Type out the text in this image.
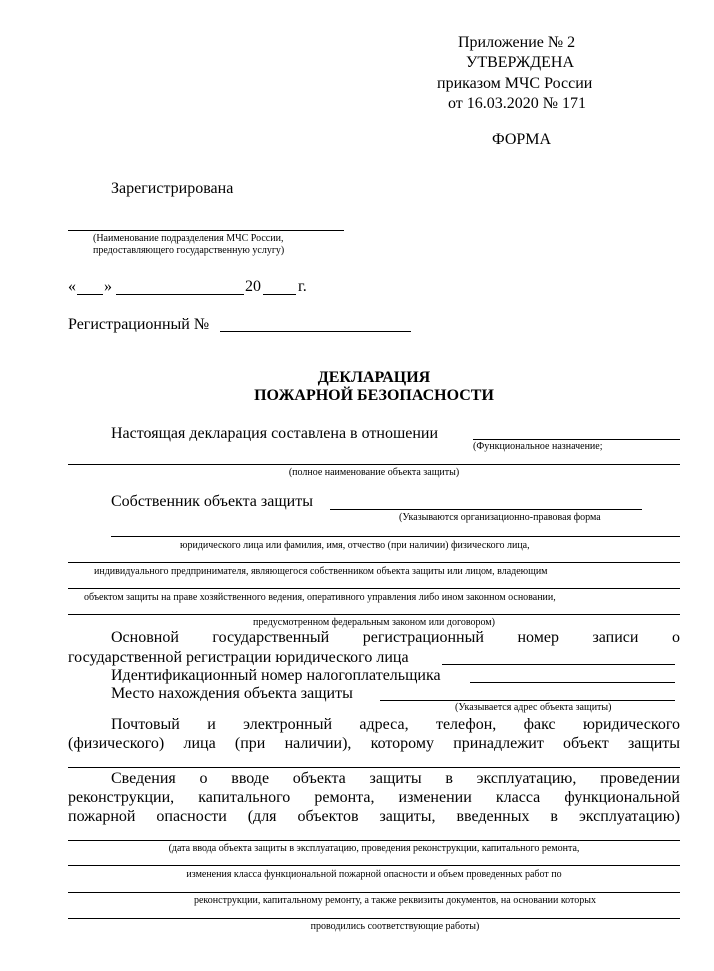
Приложение № 2
УТВЕРЖДЕНА
приказом МЧС России
от 16.03.2020 № 171
ФОРМА
Зарегистрирована
(Наименование подразделения МЧС России,
предоставляющего государственную услугу)
« »	20 г.
Регистрационный №
ДЕКЛАРАЦИЯ
ПОЖАРНОЙ БЕЗОПАСНОСТИ
Настоящая декларация составлена в отношении
(Функциональное назначение;
(полное наименование объекта защиты)
Собственник объекта защиты
(Указываются организационно-правовая форма
юридического лица или фамилия, имя, отчество (при наличии) физического лица,
индивидуального предпринимателя, являющегося собственником объекта защиты или лицом, владеющим
объектом защиты на праве хозяйственного ведения, оперативного управления либо ином законном основании,
предусмотренном федеральным законом или договором)
Основной государственный регистрационный номер записи о
государственной регистрации юридического лица
Идентификационный номер налогоплательщика
Место нахождения объекта защиты
(Указывается адрес объекта защиты)
Почтовый и электронный адреса, телефон, факс юридического
(физического) лица (при наличии), которому принадлежит объект защиты
Сведения о вводе объекта защиты в эксплуатацию, проведении
реконструкции, капитального ремонта, изменении класса функциональной
пожарной опасности (для объектов защиты, введенных в эксплуатацию)
(дата ввода объекта защиты в эксплуатацию, проведения реконструкции, капитального ремонта,
изменения класса функциональной пожарной опасности и объем проведенных работ по
реконструкции, капитальному ремонту, а также реквизиты документов, на основании которых
проводились соответствующие работы)
